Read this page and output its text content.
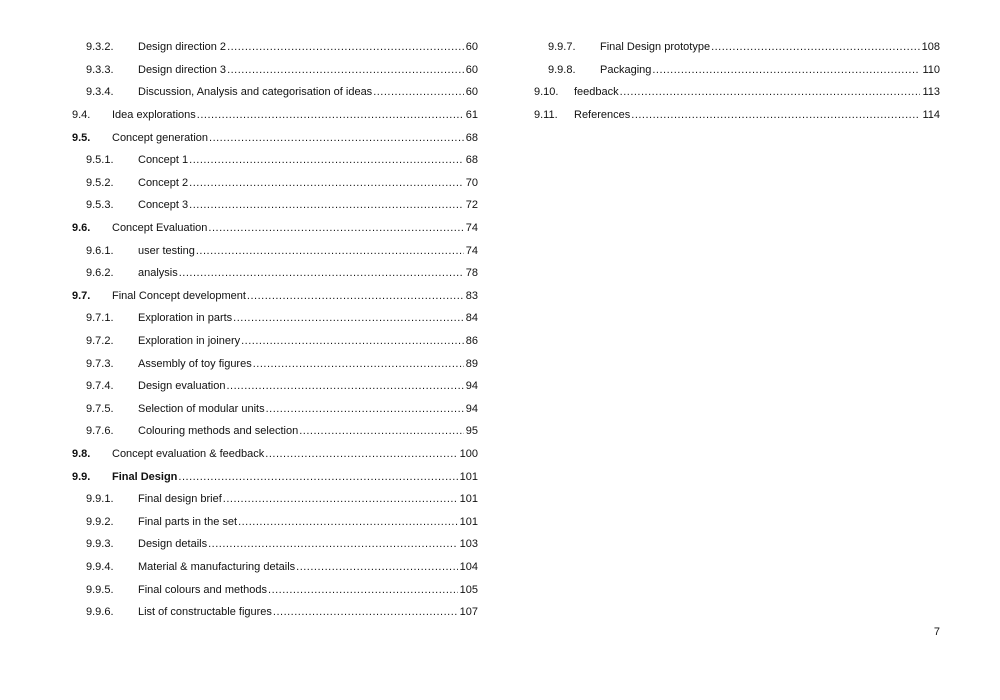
9.3.2.	Design direction 2 .....	60
9.3.3.	Design direction 3 .....	60
9.3.4.	Discussion, Analysis and categorisation of ideas .....	60
9.4.	Idea explorations .....	61
9.5.	Concept generation .....	68
9.5.1.	Concept 1 .....	68
9.5.2.	Concept 2 .....	70
9.5.3.	Concept 3 .....	72
9.6.	Concept Evaluation .....	74
9.6.1.	user testing .....	74
9.6.2.	analysis .....	78
9.7.	Final Concept development .....	83
9.7.1.	Exploration in parts .....	84
9.7.2.	Exploration in joinery .....	86
9.7.3.	Assembly of toy figures .....	89
9.7.4.	Design evaluation .....	94
9.7.5.	Selection of modular units .....	94
9.7.6.	Colouring methods and selection .....	95
9.8.	Concept evaluation & feedback .....	100
9.9.	Final Design .....	101
9.9.1.	Final design brief .....	101
9.9.2.	Final parts in the set .....	101
9.9.3.	Design details .....	103
9.9.4.	Material & manufacturing details .....	104
9.9.5.	Final colours and methods .....	105
9.9.6.	List of constructable figures .....	107
9.9.7.	Final Design prototype .....	108
9.9.8.	Packaging .....	110
9.10.	feedback .....	113
9.11.	References .....	114
7
